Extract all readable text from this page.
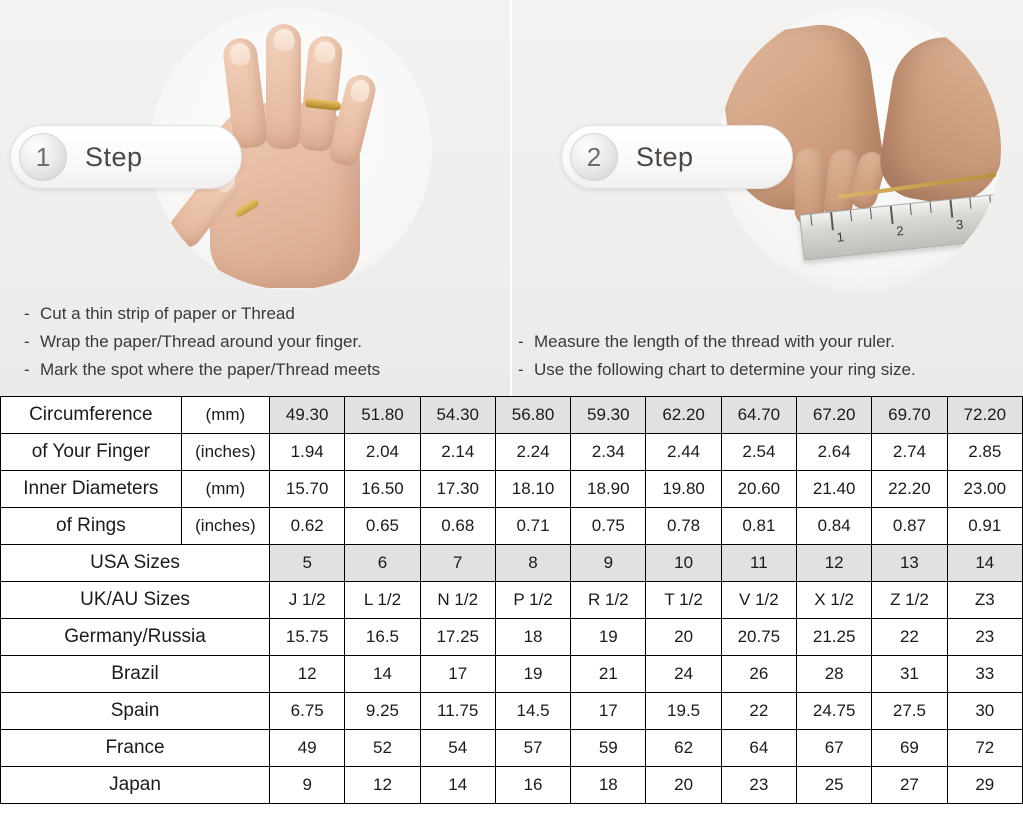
1	Step
- Cut a thin strip of paper or Thread
- Wrap the paper/Thread around your finger.
- Mark the spot where the paper/Thread meets
1	2	3
2	Step
- Measure the length of the thread with your ruler.
- Use the following chart to determine your ring size.
Circumference	(mm)	49.30	51.80	54.30	56.80	59.30	62.20	64.70	67.20	69.70	72.20
of Your Finger	(inches)	1.94	2.04	2.14	2.24	2.34	2.44	2.54	2.64	2.74	2.85
Inner Diameters	(mm)	15.70	16.50	17.30	18.10	18.90	19.80	20.60	21.40	22.20	23.00
of Rings	(inches)	0.62	0.65	0.68	0.71	0.75	0.78	0.81	0.84	0.87	0.91
USA Sizes		5	6	7	8	9	10	11	12	13	14
UK/AU Sizes		J 1/2	L 1/2	N 1/2	P 1/2	R 1/2	T 1/2	V 1/2	X 1/2	Z 1/2	Z3
Germany/Russia		15.75	16.5	17.25	18	19	20	20.75	21.25	22	23
Brazil		12	14	17	19	21	24	26	28	31	33
Spain		6.75	9.25	11.75	14.5	17	19.5	22	24.75	27.5	30
France		49	52	54	57	59	62	64	67	69	72
Japan		9	12	14	16	18	20	23	25	27	29
